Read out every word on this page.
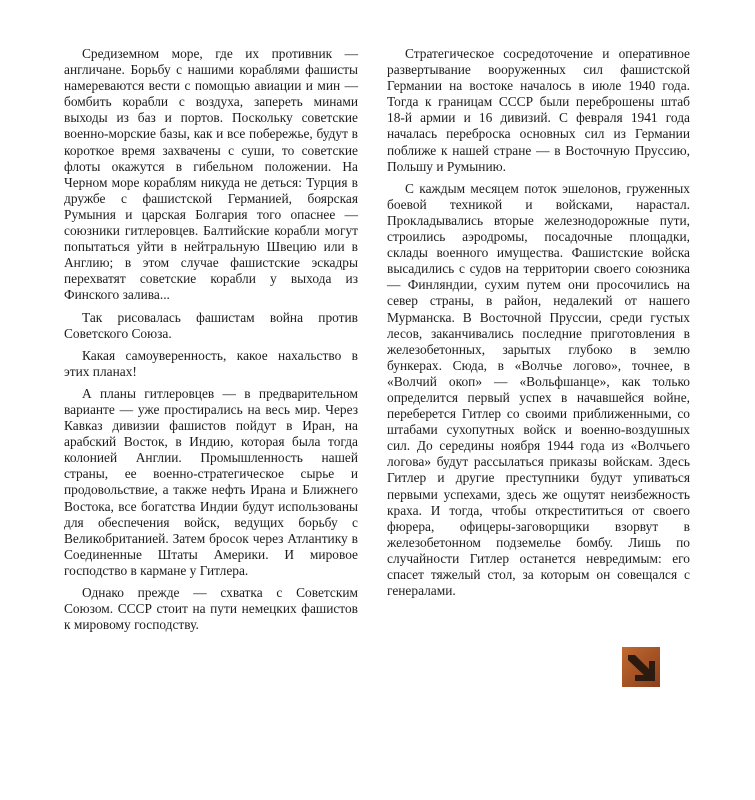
Средиземном море, где их противник — англичане. Борьбу с нашими кораблями фашисты намереваются вести с помощью авиации и мин — бомбить корабли с воздуха, запереть минами выходы из баз и портов. Поскольку советские военно-морские базы, как и все побережье, будут в короткое время захвачены с суши, то советские флоты окажутся в гибельном положении. На Черном море кораблям никуда не деться: Турция в дружбе с фашистской Германией, боярская Румыния и царская Болгария того опаснее — союзники гитлеровцев. Балтийские корабли могут попытаться уйти в нейтральную Швецию или в Англию; в этом случае фашистские эскадры перехватят советские корабли у выхода из Финского залива...

Так рисовалась фашистам война против Советского Союза.

Какая самоуверенность, какое нахальство в этих планах!

А планы гитлеровцев — в предварительном варианте — уже простирались на весь мир. Через Кавказ дивизии фашистов пойдут в Иран, на арабский Восток, в Индию, которая была тогда колонией Англии. Промышленность нашей страны, ее военно-стратегическое сырье и продовольствие, а также нефть Ирана и Ближнего Востока, все богатства Индии будут использованы для обеспечения войск, ведущих борьбу с Великобританией. Затем бросок через Атлантику в Соединенные Штаты Америки. И мировое господство в кармане у Гитлера.

Однако прежде — схватка с Советским Союзом. СССР стоит на пути немецких фашистов к мировому господству.

Стратегическое сосредоточение и оперативное развертывание вооруженных сил фашистской Германии на востоке началось в июле 1940 года. Тогда к границам СССР были переброшены штаб 18-й армии и 16 дивизий. С февраля 1941 года началась переброска основных сил из Германии поближе к нашей стране — в Восточную Пруссию, Польшу и Румынию.

С каждым месяцем поток эшелонов, груженных боевой техникой и войсками, нарастал. Прокладывались вторые железнодорожные пути, строились аэродромы, посадочные площадки, склады военного имущества. Фашистские войска высадились с судов на территории своего союзника — Финляндии, сухим путем они просочились на север страны, в район, недалекий от нашего Мурманска. В Восточной Пруссии, среди густых лесов, заканчивались последние приготовления в железобетонных, зарытых глубоко в землю бункерах. Сюда, в «Волчье логово», точнее, в «Волчий окоп» — «Вольфшанце», как только определится первый успех в начавшейся войне, переберется Гитлер со своими приближенными, со штабами сухопутных войск и военно-воздушных сил. До середины ноября 1944 года из «Волчьего логова» будут рассылаться приказы войскам. Здесь Гитлер и другие преступники будут упиваться первыми успехами, здесь же ощутят неизбежность краха. И тогда, чтобы открестититься от своего фюрера, офицеры-заговорщики взорвут в железобетонном подземелье бомбу. Лишь по случайности Гитлер останется невредимым: его спасет тяжелый стол, за которым он совещался с генералами.
